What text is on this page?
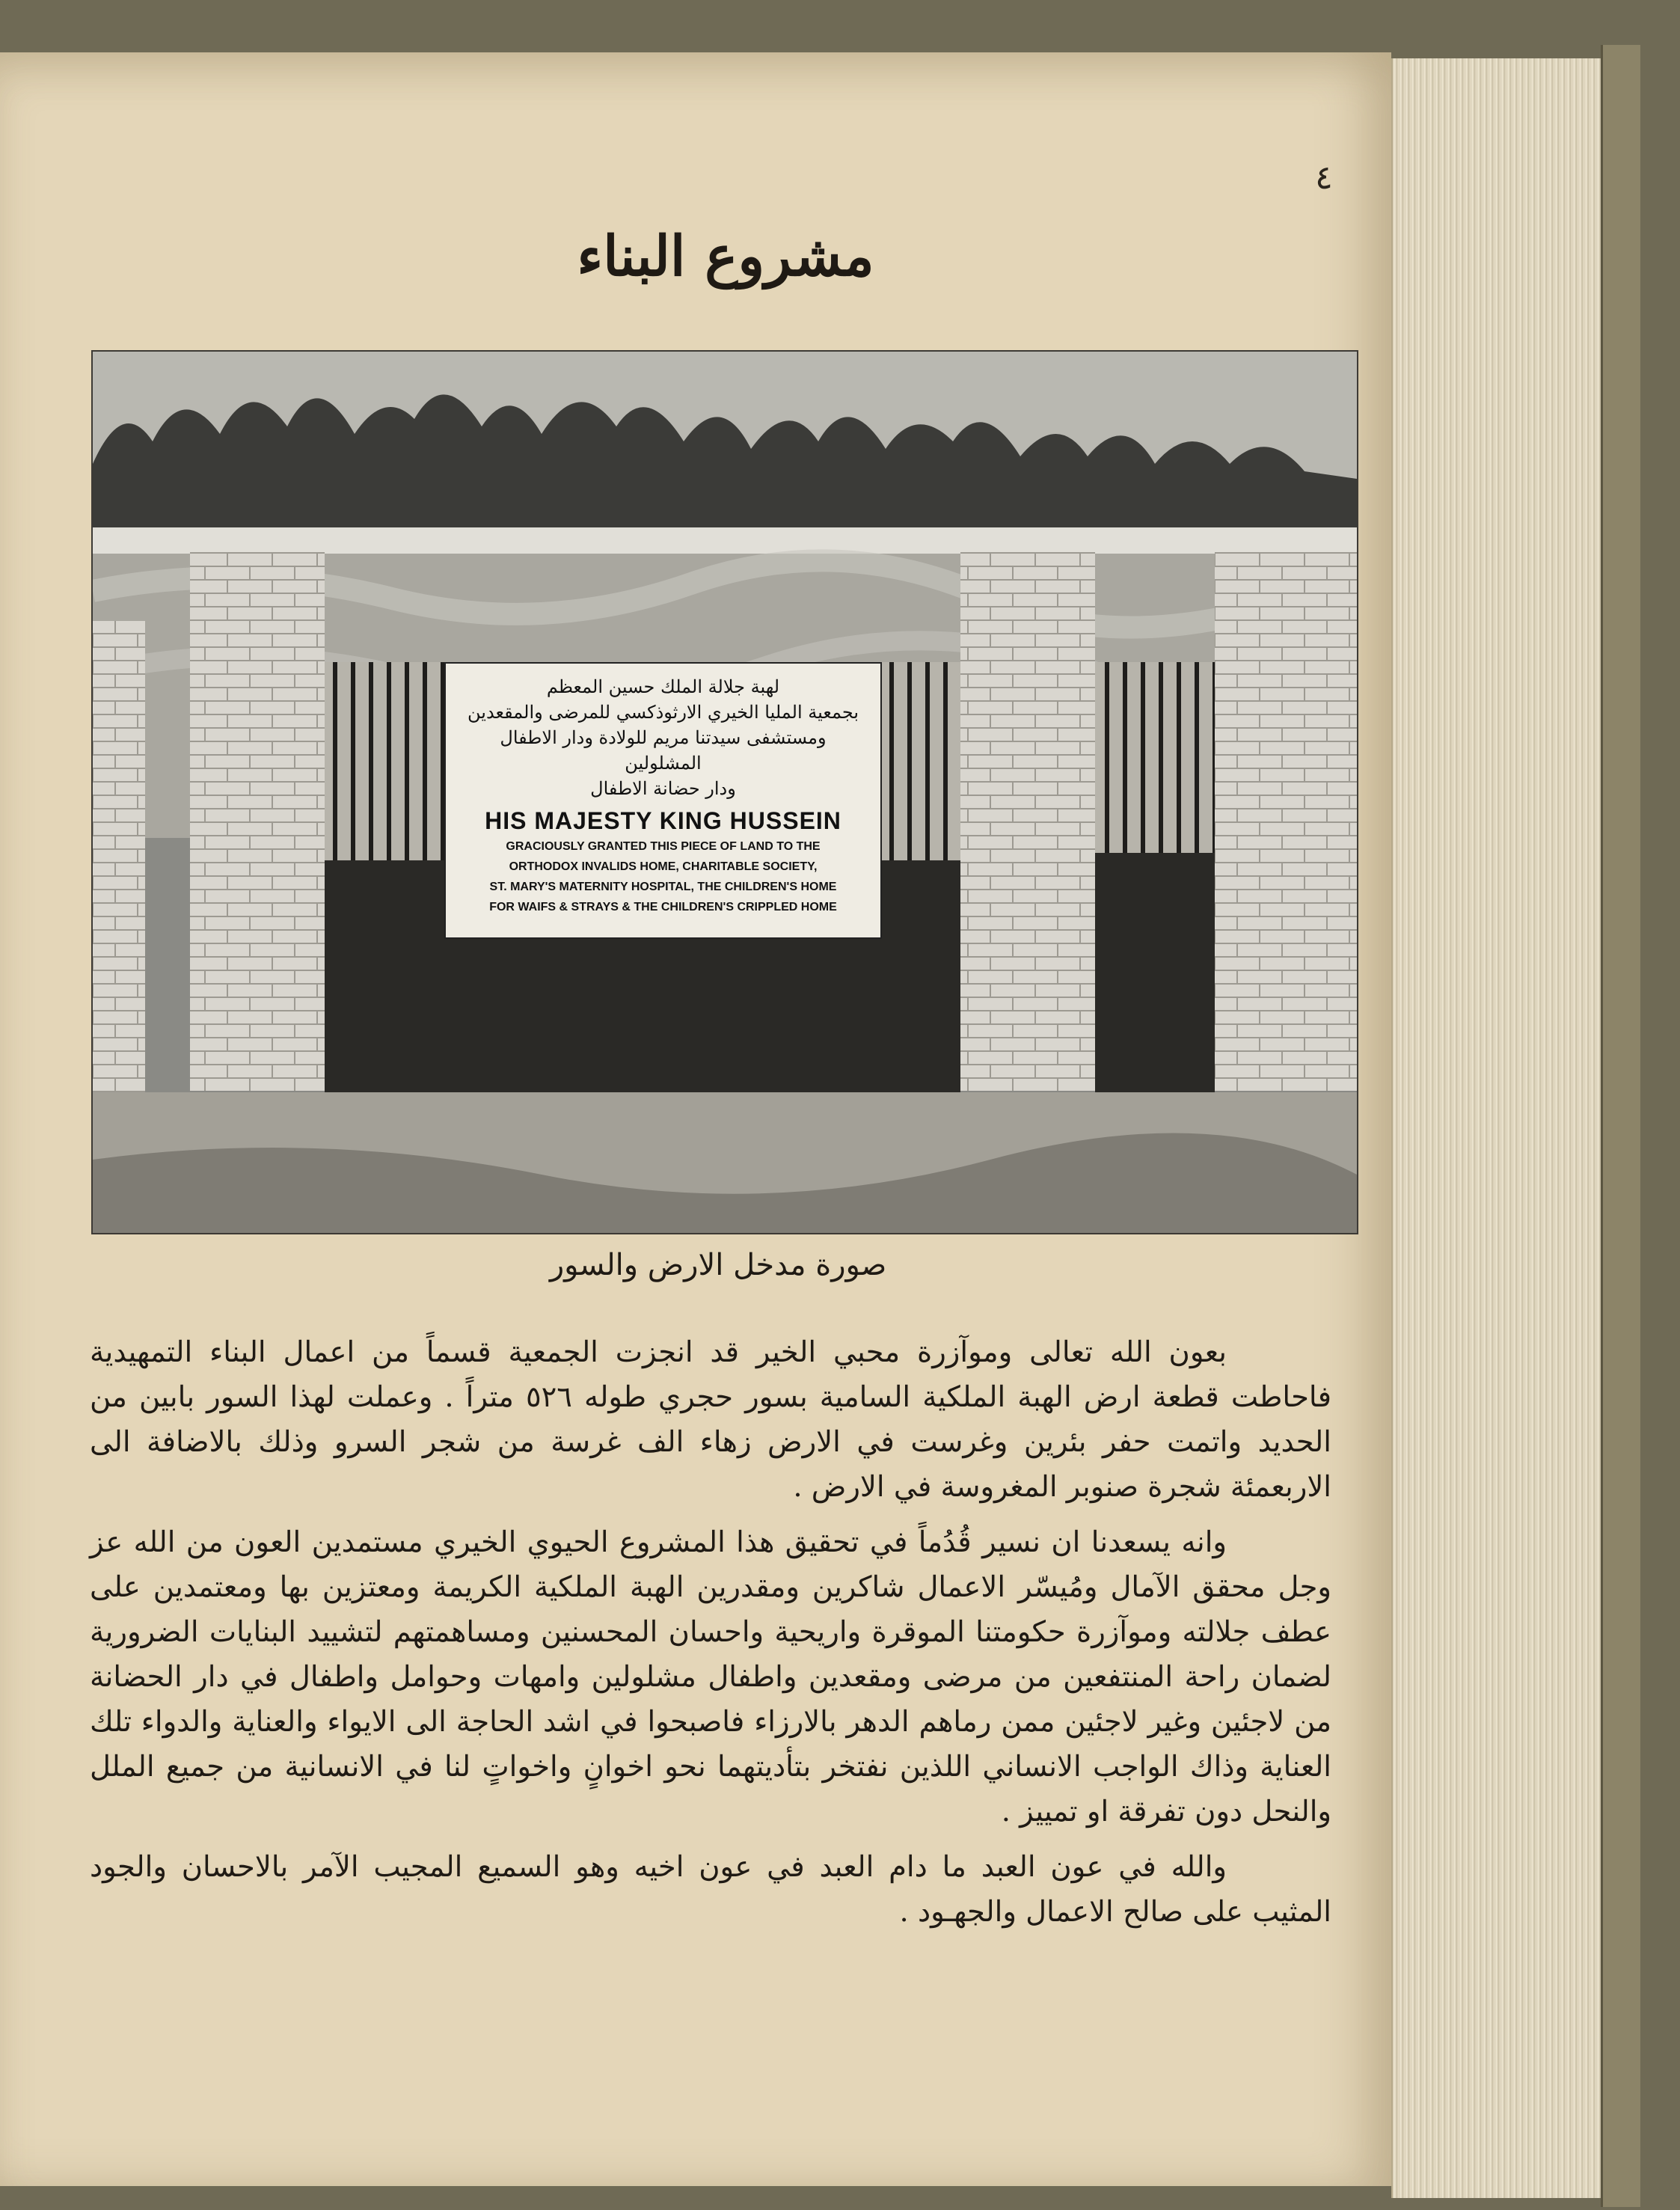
٤
مشروع البناء
لهبة جلالة الملك حسين المعظم
بجمعية المليا الخيري الارثوذكسي للمرضى والمقعدين
ومستشفى سيدتنا مريم للولادة ودار الاطفال المشلولين
ودار حضانة الاطفال
HIS MAJESTY KING HUSSEIN
GRACIOUSLY GRANTED THIS PIECE OF LAND TO THE
ORTHODOX INVALIDS HOME, CHARITABLE SOCIETY,
ST. MARY'S MATERNITY HOSPITAL, THE CHILDREN'S HOME
FOR WAIFS & STRAYS & THE CHILDREN'S CRIPPLED HOME
صورة مدخل الارض والسور

بعون الله تعالى وموآزرة محبي الخير قد انجزت الجمعية قسماً من اعمال البناء التمهيدية فاحاطت قطعة ارض الهبة الملكية السامية بسور حجري طوله ٥٢٦ متراً . وعملت لهذا السور بابين من الحديد واتمت حفر بئرين وغرست في الارض زهاء الف غرسة من شجر السرو وذلك بالاضافة الى الاربعمئة شجرة صنوبر المغروسة في الارض .

وانه يسعدنا ان نسير قُدُماً في تحقيق هذا المشروع الحيوي الخيري مستمدين العون من الله عز وجل محقق الآمال ومُيسّر الاعمال شاكرين ومقدرين الهبة الملكية الكريمة ومعتزين بها ومعتمدين على عطف جلالته وموآزرة حكومتنا الموقرة واريحية واحسان المحسنين ومساهمتهم لتشييد البنايات الضرورية لضمان راحة المنتفعين من مرضى ومقعدين واطفال مشلولين وامهات وحوامل واطفال في دار الحضانة من لاجئين وغير لاجئين ممن رماهم الدهر بالارزاء فاصبحوا في اشد الحاجة الى الايواء والعناية والدواء تلك العناية وذاك الواجب الانساني اللذين نفتخر بتأديتهما نحو اخوانٍ واخواتٍ لنا في الانسانية من جميع الملل والنحل دون تفرقة او تمييز .

والله في عون العبد ما دام العبد في عون اخيه وهو السميع المجيب الآمر بالاحسان والجود المثيب على صالح الاعمال والجهـود .
